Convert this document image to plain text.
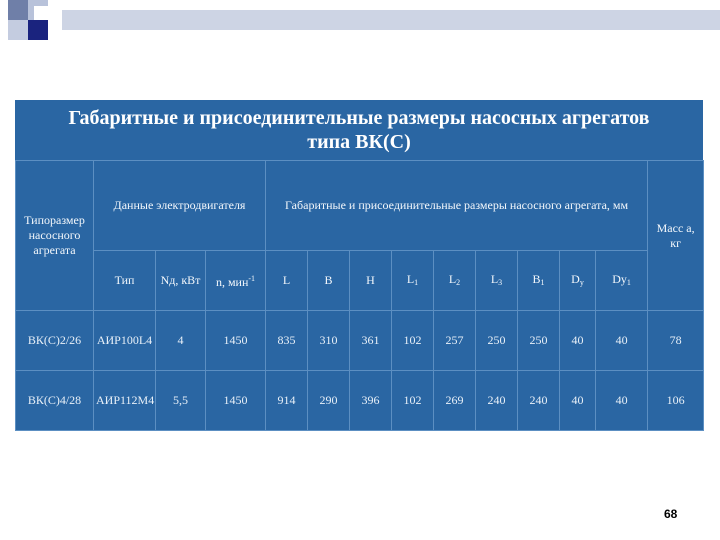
Габаритные и присоединительные размеры насосных агрегатов
типа ВК(С)
Типоразмер насосного агрегата	Данные электродвигателя			Габаритные и присоединительные размеры насосного агрегата, мм									Масс а, кг
	Тип	Nд, кВт	n, мин$^{-1}$	L	B	H	$L_1$	$L_2$	$L_3$	$B_1$	$D_у$	$Dу_1$
ВК(С)2/26	АИР100L4	4	1450	835	310	361	102	257	250	250	40	40	78
ВК(С)4/28	АИР112М4	5,5	1450	914	290	396	102	269	240	240	40	40	106
68
